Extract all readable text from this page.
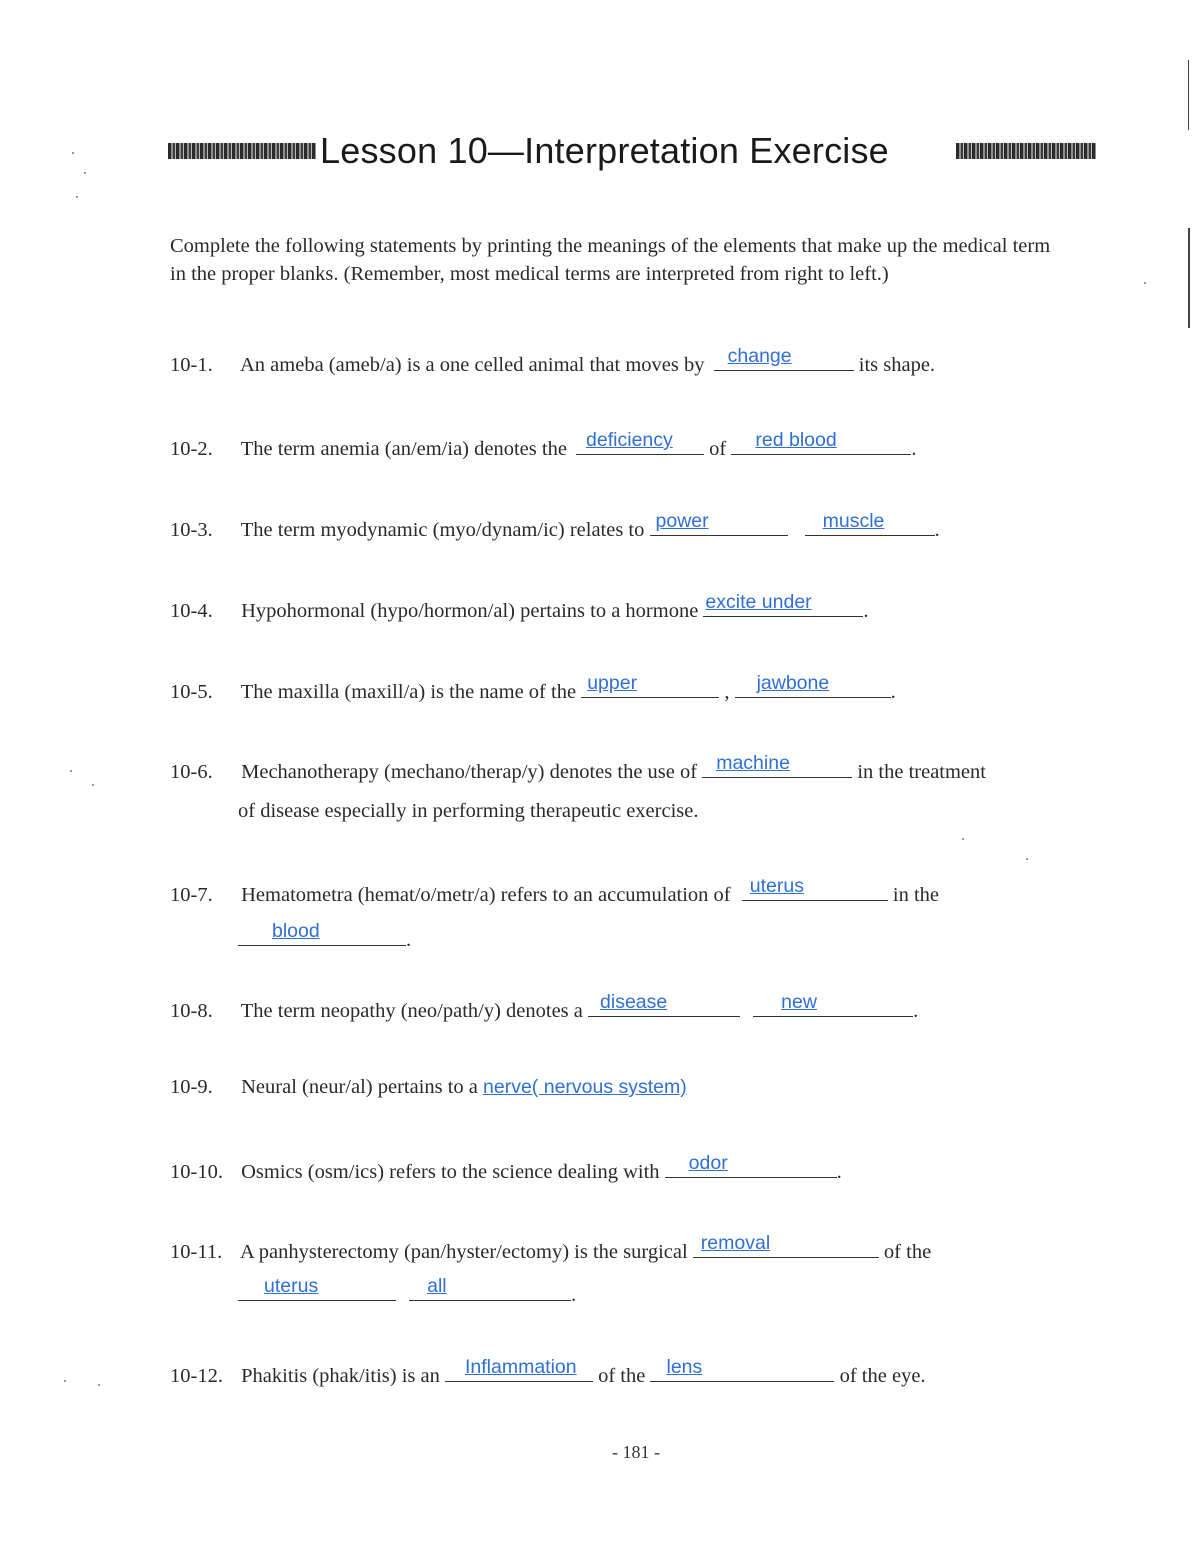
Lesson 10—Interpretation Exercise
Complete the following statements by printing the meanings of the elements that make up the medical term in the proper blanks. (Remember, most medical terms are interpreted from right to left.)
10-1. An ameba (ameb/a) is a one celled animal that moves by change	its shape.
10-2. The term anemia (an/em/ia) denotes the deficiency of red blood	.
10-3. The term myodynamic (myo/dynam/ic) relates to power
	muscle .
10-4. Hypohormonal (hypo/hormon/al) pertains to a hormone excite under	.
10-5. The maxilla (maxill/a) is the name of the upper	, jawbone	.
10-6. Mechanotherapy (mechano/therap/y) denotes the use of machine	in the treatment
of disease especially in performing therapeutic exercise.
10-7. Hematometra (hemat/o/metr/a) refers to an accumulation of uterus	in the
blood	.
10-8. The term neopathy (neo/path/y) denotes a disease
	new	.
10-9. Neural (neur/al) pertains to a nerve( nervous system)
10-10. Osmics (osm/ics) refers to the science dealing with odor	.
10-11. A panhysterectomy (pan/hyster/ectomy) is the surgical removal	of the
uterus
	all	.
10-12. Phakitis (phak/itis) is an Inflammation of the lens	of the eye.
- 181 -
